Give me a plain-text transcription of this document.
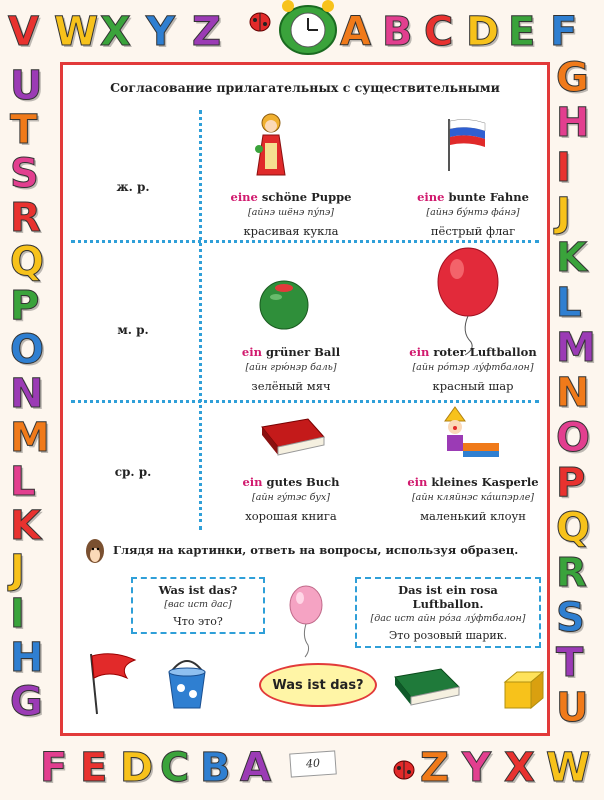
V W X Y Z	A B C D E F
U
T
S
R
Q
P
O
N
M
L
K
J
I
H
G
G
H
I
J
K
L
M
N
O
P
Q
R
S
T
U
F E D C B A	Z Y X W
Согласование прилагательных с существительными
ж. р.
м. р.
ср. р.
eine schöne Puppe
[айнэ шёнэ пýпэ]
красивая кукла
eine bunte Fahne
[айнэ бýнтэ фáнэ]
пёстрый флаг
ein grüner Ball
[айн грю́нэр баль]
зелёный мяч
ein roter Luftballon
[айн рóтэр лýфтбалон]
красный шар
ein gutes Buch
[айн гýтэс бух]
хорошая книга
ein kleines Kasperle
[айн кляйнэс кáшпэрле]
маленький клоун
Глядя на картинки, ответь на вопросы, используя образец.
Was ist das?
[вас ист дас]
Что это?
Das ist ein rosa Luftballon.
[дас ист айн рóза лýфтбалон]
Это розовый шарик.
Was ist das?
40
